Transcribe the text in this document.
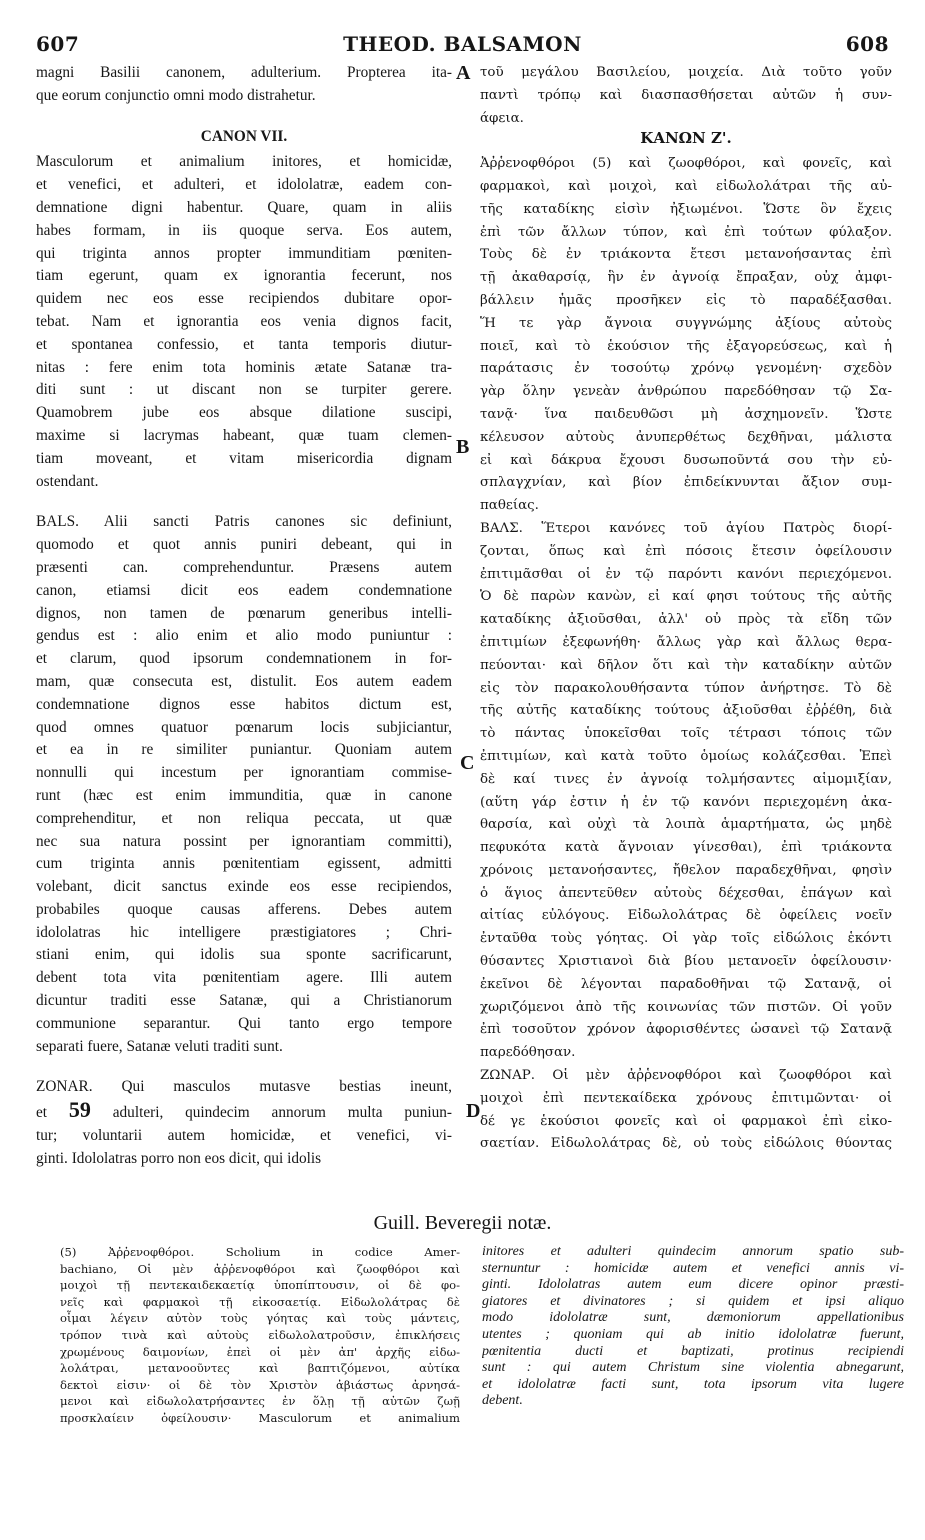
607	THEOD. BALSAMON	608
magni Basilii canonem, adulterium. Propterea ita-
que eorum conjunctio omni modo distrahetur.
CANON VII.
Masculorum et animalium initores, et homicidæ,
et venefici, et adulteri, et idololatræ, eadem con-
demnatione digni habentur. Quare, quam in aliis
habes formam, in iis quoque serva. Eos autem,
qui triginta annos propter immunditiam pœniten-
tiam egerunt, quam ex ignorantia fecerunt, nos
quidem nec eos esse recipiendos dubitare opor-
tebat. Nam et ignorantia eos venia dignos facit,
et spontanea confessio, et tanta temporis diutur-
nitas : fere enim tota hominis ætate Satanæ tra-
diti sunt : ut discant non se turpiter gerere.
Quamobrem jube eos absque dilatione suscipi,
maxime si lacrymas habeant, quæ tuam clemen-
tiam moveant, et vitam misericordia dignam
ostendant.
BALS. Alii sancti Patris canones sic definiunt,
quomodo et quot annis puniri debeant, qui in
præsenti can. comprehenduntur. Præsens autem
canon, etiamsi dicit eos eadem condemnatione
dignos, non tamen de pœnarum generibus intelli-
gendus est : alio enim et alio modo puniuntur :
et clarum, quod ipsorum condemnationem in for-
mam, quæ consecuta est, distulit. Eos autem eadem
condemnatione dignos esse habitos dictum est,
quod omnes quatuor pœnarum locis subjiciantur,
et ea in re similiter puniantur. Quoniam autem
nonnulli qui incestum per ignorantiam commise-
runt (hæc est enim immunditia, quæ in canone
comprehenditur, et non reliqua peccata, ut quæ
nec sua natura possint per ignorantiam committi),
cum triginta annis pœnitentiam egissent, admitti
volebant, dicit sanctus exinde eos esse recipiendos,
probabiles quoque causas afferens. Debes autem
idololatras hic intelligere præstigiatores ; Chri-
stiani enim, qui idolis sua sponte sacrificarunt,
debent tota vita pœnitentiam agere. Illi autem
dicuntur traditi esse Satanæ, qui a Christianorum
communione separantur. Qui tanto ergo tempore
separati fuere, Satanæ veluti traditi sunt.
ZONAR. Qui masculos mutasve bestias ineunt,
et 59 adulteri, quindecim annorum multa puniun-
tur; voluntarii autem homicidæ, et venefici, vi-
ginti. Idololatras porro non eos dicit, qui idolis
A
B
C
D
τοῦ μεγάλου Βασιλείου, μοιχεία. Διὰ τοῦτο γοῦν
παντὶ τρόπῳ καὶ διασπασθήσεται αὐτῶν ἡ συν-
άφεια.
ΚΑΝΩΝ Ζ'.
Ἀῤῥενοφθόροι (5) καὶ ζωοφθόροι, καὶ φονεῖς, καὶ
φαρμακοὶ, καὶ μοιχοὶ, καὶ εἰδωλολάτραι τῆς αὐ-
τῆς καταδίκης εἰσὶν ἠξιωμένοι. Ὥστε ὃν ἔχεις
ἐπὶ τῶν ἄλλων τύπον, καὶ ἐπὶ τούτων φύλαξον.
Τοὺς δὲ ἐν τριάκοντα ἔτεσι μετανοήσαντας ἐπὶ
τῇ ἀκαθαρσίᾳ, ἣν ἐν ἀγνοίᾳ ἔπραξαν, οὐχ ἀμφι-
βάλλειν ἡμᾶς προσῆκεν εἰς τὸ παραδέξασθαι.
Ἥ τε γὰρ ἄγνοια συγγνώμης ἀξίους αὐτοὺς
ποιεῖ, καὶ τὸ ἑκούσιον τῆς ἐξαγορεύσεως, καὶ ἡ
παράτασις ἐν τοσούτῳ χρόνῳ γενομένη· σχεδὸν
γὰρ ὅλην γενεὰν ἀνθρώπου παρεδόθησαν τῷ Σα-
τανᾷ· ἵνα παιδευθῶσι μὴ ἀσχημονεῖν. Ὥστε
κέλευσον αὐτοὺς ἀνυπερθέτως δεχθῆναι, μάλιστα
εἰ καὶ δάκρυα ἔχουσι δυσωποῦντά σου τὴν εὐ-
σπλαγχνίαν, καὶ βίον ἐπιδείκνυνται ἄξιον συμ-
παθείας.
ΒΑΛΣ. Ἕτεροι κανόνες τοῦ ἁγίου Πατρὸς διορί-
ζονται, ὅπως καὶ ἐπὶ πόσοις ἔτεσιν ὀφείλουσιν
ἐπιτιμᾶσθαι οἱ ἐν τῷ παρόντι κανόνι περιεχόμενοι.
Ὁ δὲ παρὼν κανὼν, εἰ καί φησι τούτους τῆς αὐτῆς
καταδίκης ἀξιοῦσθαι, ἀλλ' οὐ πρὸς τὰ εἴδη τῶν
ἐπιτιμίων ἐξεφωνήθη· ἄλλως γὰρ καὶ ἄλλως θερα-
πεύονται· καὶ δῆλον ὅτι καὶ τὴν καταδίκην αὐτῶν
εἰς τὸν παρακολουθήσαντα τύπον ἀνήρτησε. Τὸ δὲ
τῆς αὐτῆς καταδίκης τούτους ἀξιοῦσθαι ἐῤῥέθη, διὰ
τὸ πάντας ὑποκεῖσθαι τοῖς τέτρασι τόποις τῶν
ἐπιτιμίων, καὶ κατὰ τοῦτο ὁμοίως κολάζεσθαι. Ἐπεὶ
δὲ καί τινες ἐν ἀγνοίᾳ τολμήσαντες αἱμομιξίαν,
(αὕτη γάρ ἐστιν ἡ ἐν τῷ κανόνι περιεχομένη ἀκα-
θαρσία, καὶ οὐχὶ τὰ λοιπὰ ἁμαρτήματα, ὡς μηδὲ
πεφυκότα κατὰ ἄγνοιαν γίνεσθαι), ἐπὶ τριάκοντα
χρόνοις μετανοήσαντες, ἤθελον παραδεχθῆναι, φησὶν
ὁ ἅγιος ἀπεντεῦθεν αὐτοὺς δέχεσθαι, ἐπάγων καὶ
αἰτίας εὐλόγους. Εἰδωλολάτρας δὲ ὀφείλεις νοεῖν
ἐνταῦθα τοὺς γόητας. Οἱ γὰρ τοῖς εἰδώλοις ἑκόντι
θύσαντες Χριστιανοὶ διὰ βίου μετανοεῖν ὀφείλουσιν·
ἐκεῖνοι δὲ λέγονται παραδοθῆναι τῷ Σατανᾷ, οἱ
χωριζόμενοι ἀπὸ τῆς κοινωνίας τῶν πιστῶν. Οἱ γοῦν
ἐπὶ τοσοῦτον χρόνον ἀφορισθέντες ὡσανεὶ τῷ Σατανᾷ
παρεδόθησαν.
ΖΩΝΑΡ. Οἱ μὲν ἀῤῥενοφθόροι καὶ ζωοφθόροι καὶ
μοιχοὶ ἐπὶ πεντεκαίδεκα χρόνους ἐπιτιμῶνται· οἱ
δέ γε ἑκούσιοι φονεῖς καὶ οἱ φαρμακοὶ ἐπὶ εἰκο-
σαετίαν. Εἰδωλολάτρας δὲ, οὐ τοὺς εἰδώλοις θύοντας
Guill. Beveregii notæ.
(5) Ἀῤῥενοφθόροι. Scholium in codice Amer-
bachiano, Οἱ μὲν ἀῤῥενοφθόροι καὶ ζωοφθόροι καὶ
μοιχοὶ τῇ πεντεκαιδεκαετίᾳ ὑποπίπτουσιν, οἱ δὲ φο-
νεῖς καὶ φαρμακοὶ τῇ εἰκοσαετίᾳ. Εἰδωλολάτρας δὲ
οἶμαι λέγειν αὐτὸν τοὺς γόητας καὶ τοὺς μάντεις,
τρόπον τινὰ καὶ αὐτοὺς εἰδωλολατροῦσιν, ἐπικλήσεις
χρωμένους δαιμονίων, ἐπεὶ οἱ μὲν ἀπ' ἀρχῆς εἰδω-
λολάτραι, μετανοοῦντες καὶ βαπτιζόμενοι, αὐτίκα
δεκτοὶ εἰσιν· οἱ δὲ τὸν Χριστὸν ἀβιάστως ἀρνησά-
μενοι καὶ εἰδωλολατρήσαντες ἐν ὅλῃ τῇ αὐτῶν ζωῇ
προσκλαίειν ὀφείλουσιν· Masculorum et animalium
initores et adulteri quindecim annorum spatio sub-
sternuntur : homicidæ autem et venefici annis vi-
ginti. Idololatras autem eum dicere opinor præsti-
giatores et divinatores ; si quidem et ipsi aliquo
modo idololatræ sunt, dæmoniorum appellationibus
utentes ; quoniam qui ab initio idololatræ fuerunt,
pœnitentia ducti et baptizati, protinus recipiendi
sunt : qui autem Christum sine violentia abnegarunt,
et idololatræ facti sunt, tota ipsorum vita lugere
debent.
